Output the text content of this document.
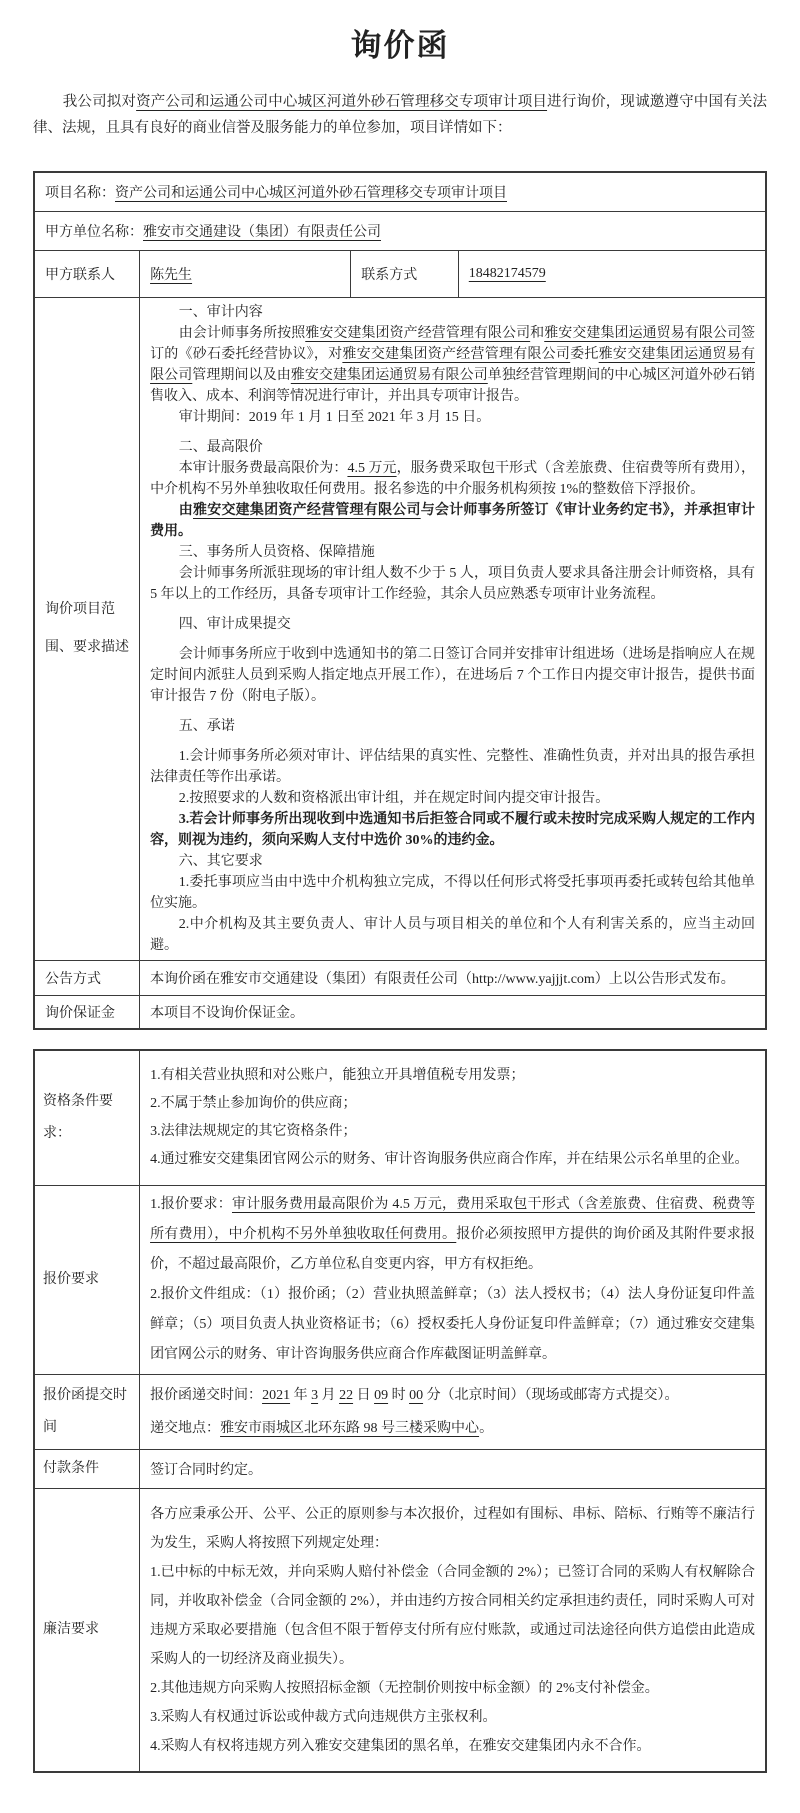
询价函

我公司拟对资产公司和运通公司中心城区河道外砂石管理移交专项审计项目进行询价，现诚邀遵守中国有关法律、法规，且具有良好的商业信誉及服务能力的单位参加，项目详情如下：

项目名称：资产公司和运通公司中心城区河道外砂石管理移交专项审计项目			
甲方单位名称：雅安市交通建设（集团）有限责任公司			
甲方联系人	陈先生	联系方式	18482174579
询价项目范围、要求描述	

一、审计内容

由会计师事务所按照雅安交建集团资产经营管理有限公司和雅安交建集团运通贸易有限公司签订的《砂石委托经营协议》，对雅安交建集团资产经营管理有限公司委托雅安交建集团运通贸易有限公司管理期间以及由雅安交建集团运通贸易有限公司单独经营管理期间的中心城区河道外砂石销售收入、成本、利润等情况进行审计，并出具专项审计报告。

审计期间：2019 年 1 月 1 日至 2021 年 3 月 15 日。

二、最高限价

本审计服务费最高限价为：4.5 万元，服务费采取包干形式（含差旅费、住宿费等所有费用），中介机构不另外单独收取任何费用。报名参选的中介服务机构须按 1%的整数倍下浮报价。

由雅安交建集团资产经营管理有限公司与会计师事务所签订《审计业务约定书》，并承担审计费用。

三、事务所人员资格、保障措施

会计师事务所派驻现场的审计组人数不少于 5 人，项目负责人要求具备注册会计师资格，具有 5 年以上的工作经历，具备专项审计工作经验，其余人员应熟悉专项审计业务流程。

四、审计成果提交

会计师事务所应于收到中选通知书的第二日签订合同并安排审计组进场（进场是指响应人在规定时间内派驻人员到采购人指定地点开展工作），在进场后 7 个工作日内提交审计报告，提供书面审计报告 7 份（附电子版）。

五、承诺

1.会计师事务所必须对审计、评估结果的真实性、完整性、准确性负责，并对出具的报告承担法律责任等作出承诺。

2.按照要求的人数和资格派出审计组，并在规定时间内提交审计报告。

3.若会计师事务所出现收到中选通知书后拒签合同或不履行或未按时完成采购人规定的工作内容，则视为违约，须向采购人支付中选价 30%的违约金。

六、其它要求

1.委托事项应当由中选中介机构独立完成，不得以任何形式将受托事项再委托或转包给其他单位实施。

2.中介机构及其主要负责人、审计人员与项目相关的单位和个人有利害关系的，应当主动回避。

公告方式	本询价函在雅安市交通建设（集团）有限责任公司（http://www.yajjjt.com）上以公告形式发布。		
询价保证金	本项目不设询价保证金。		
资格条件要求：	1.有相关营业执照和对公账户，能独立开具增值税专用发票；

2.不属于禁止参加询价的供应商；

3.法律法规规定的其它资格条件；

4.通过雅安交建集团官网公示的财务、审计咨询服务供应商合作库，并在结果公示名单里的企业。

报价要求	1.报价要求：审计服务费用最高限价为 4.5 万元，费用采取包干形式（含差旅费、住宿费、税费等所有费用），中介机构不另外单独收取任何费用。报价必须按照甲方提供的询价函及其附件要求报价，不超过最高限价，乙方单位私自变更内容，甲方有权拒绝。

2.报价文件组成：（1）报价函；（2）营业执照盖鲜章；（3）法人授权书；（4）法人身份证复印件盖鲜章；（5）项目负责人执业资格证书；（6）授权委托人身份证复印件盖鲜章；（7）通过雅安交建集团官网公示的财务、审计咨询服务供应商合作库截图证明盖鲜章。

报价函提交时间	报价函递交时间：2021 年 3 月 22 日 09 时 00 分（北京时间）（现场或邮寄方式提交）。

递交地点：雅安市雨城区北环东路 98 号三楼采购中心。

付款条件	签订合同时约定。
廉洁要求	各方应秉承公开、公平、公正的原则参与本次报价，过程如有围标、串标、陪标、行贿等不廉洁行为发生，采购人将按照下列规定处理：

1.已中标的中标无效，并向采购人赔付补偿金（合同金额的 2%）；已签订合同的采购人有权解除合同，并收取补偿金（合同金额的 2%），并由违约方按合同相关约定承担违约责任，同时采购人可对违规方采取必要措施（包含但不限于暂停支付所有应付账款，或通过司法途径向供方追偿由此造成采购人的一切经济及商业损失）。

2.其他违规方向采购人按照招标金额（无控制价则按中标金额）的 2%支付补偿金。

3.采购人有权通过诉讼或仲裁方式向违规供方主张权利。

4.采购人有权将违规方列入雅安交建集团的黑名单，在雅安交建集团内永不合作。
